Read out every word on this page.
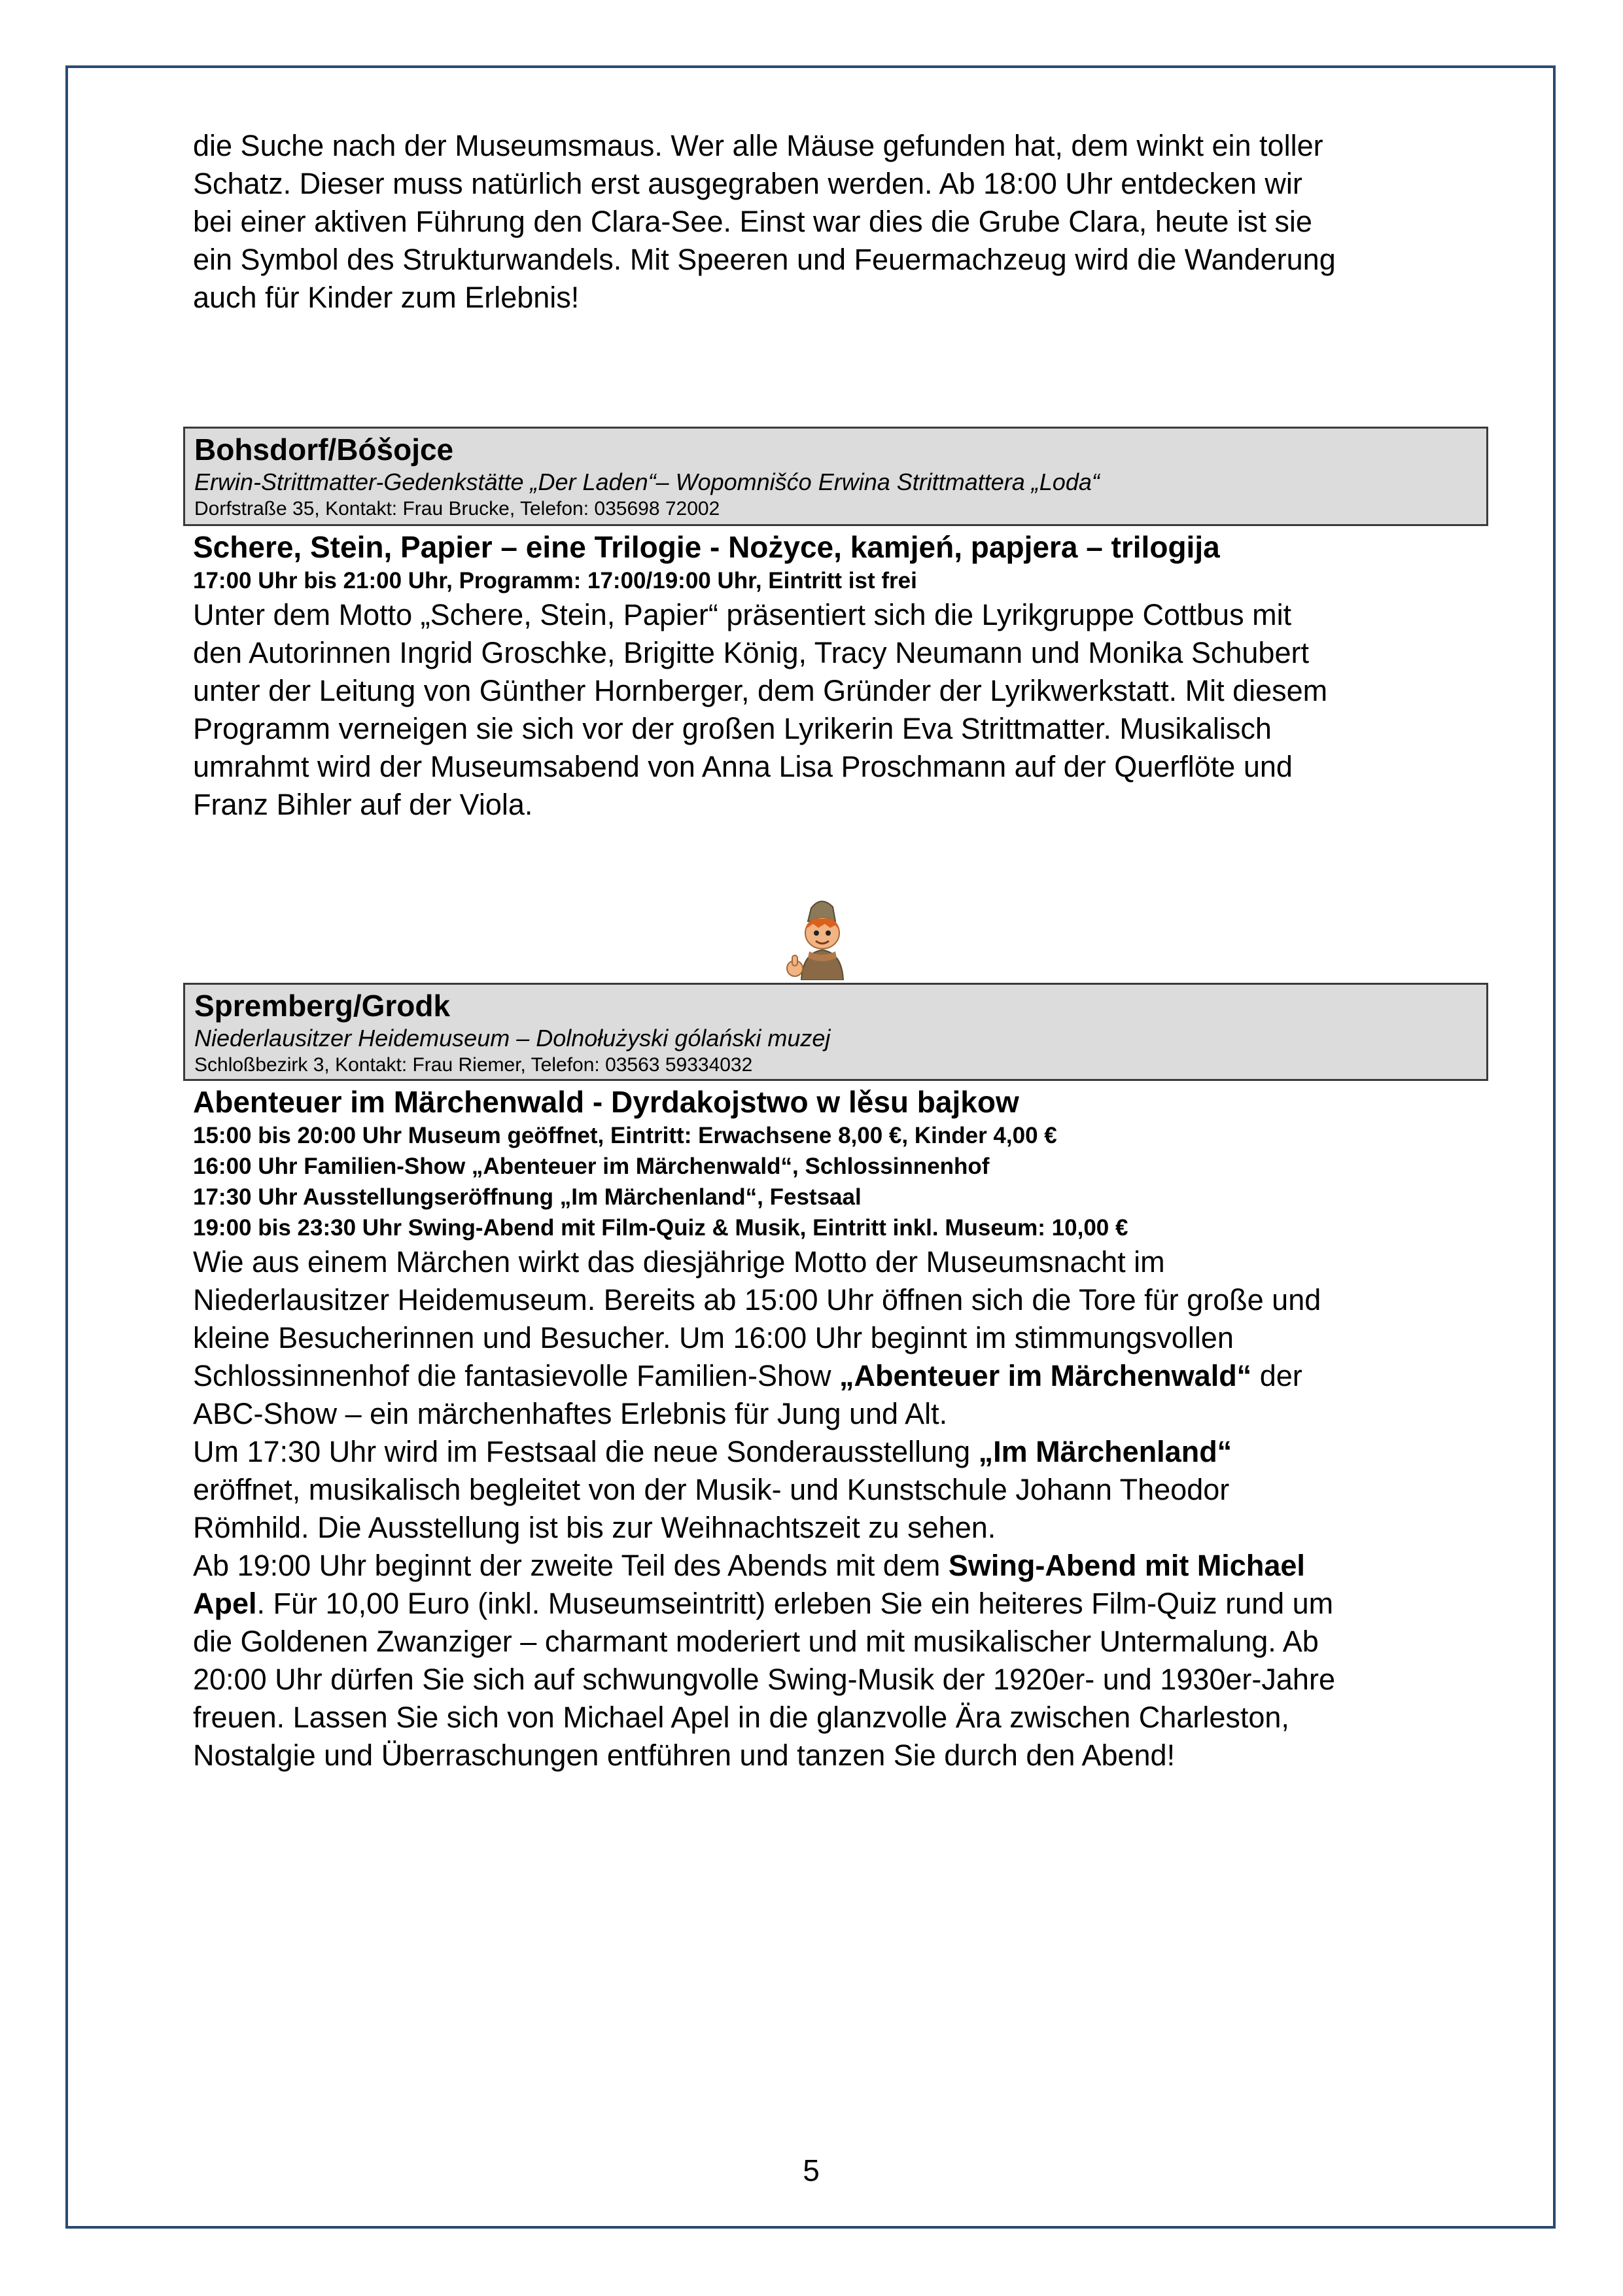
die Suche nach der Museumsmaus. Wer alle Mäuse gefunden hat, dem winkt ein toller

Schatz. Dieser muss natürlich erst ausgegraben werden. Ab 18:00 Uhr entdecken wir

bei einer aktiven Führung den Clara-See. Einst war dies die Grube Clara, heute ist sie

ein Symbol des Strukturwandels. Mit Speeren und Feuermachzeug wird die Wanderung

auch für Kinder zum Erlebnis!

Bohsdorf/Bóšojce
Erwin-Strittmatter-Gedenkstätte „Der Laden“– Wopomnišćo Erwina Strittmattera „Loda“
Dorfstraße 35, Kontakt: Frau Brucke, Telefon: 035698 72002

Schere, Stein, Papier – eine Trilogie - Nożyce, kamjeń, papjera – trilogija

17:00 Uhr bis 21:00 Uhr, Programm: 17:00/19:00 Uhr, Eintritt ist frei

Unter dem Motto „Schere, Stein, Papier“ präsentiert sich die Lyrikgruppe Cottbus mit

den Autorinnen Ingrid Groschke, Brigitte König, Tracy Neumann und Monika Schubert

unter der Leitung von Günther Hornberger, dem Gründer der Lyrikwerkstatt. Mit diesem

Programm verneigen sie sich vor der großen Lyrikerin Eva Strittmatter. Musikalisch

umrahmt wird der Museumsabend von Anna Lisa Proschmann auf der Querflöte und

Franz Bihler auf der Viola.

Spremberg/Grodk
Niederlausitzer Heidemuseum – Dolnołużyski gólański muzej
Schloßbezirk 3, Kontakt: Frau Riemer, Telefon: 03563 59334032

Abenteuer im Märchenwald - Dyrdakojstwo w lěsu bajkow

15:00 bis 20:00 Uhr Museum geöffnet, Eintritt: Erwachsene 8,00 €, Kinder 4,00 €

16:00 Uhr Familien-Show „Abenteuer im Märchenwald“, Schlossinnenhof

17:30 Uhr Ausstellungseröffnung „Im Märchenland“, Festsaal

19:00 bis 23:30 Uhr Swing-Abend mit Film-Quiz & Musik, Eintritt inkl. Museum: 10,00 €

Wie aus einem Märchen wirkt das diesjährige Motto der Museumsnacht im

Niederlausitzer Heidemuseum. Bereits ab 15:00 Uhr öffnen sich die Tore für große und

kleine Besucherinnen und Besucher. Um 16:00 Uhr beginnt im stimmungsvollen

Schlossinnenhof die fantasievolle Familien-Show „Abenteuer im Märchenwald“ der

ABC-Show – ein märchenhaftes Erlebnis für Jung und Alt.

Um 17:30 Uhr wird im Festsaal die neue Sonderausstellung „Im Märchenland“

eröffnet, musikalisch begleitet von der Musik- und Kunstschule Johann Theodor

Römhild. Die Ausstellung ist bis zur Weihnachtszeit zu sehen.

Ab 19:00 Uhr beginnt der zweite Teil des Abends mit dem Swing-Abend mit Michael

Apel. Für 10,00 Euro (inkl. Museumseintritt) erleben Sie ein heiteres Film-Quiz rund um

die Goldenen Zwanziger – charmant moderiert und mit musikalischer Untermalung. Ab

20:00 Uhr dürfen Sie sich auf schwungvolle Swing-Musik der 1920er- und 1930er-Jahre

freuen. Lassen Sie sich von Michael Apel in die glanzvolle Ära zwischen Charleston,

Nostalgie und Überraschungen entführen und tanzen Sie durch den Abend!

5
